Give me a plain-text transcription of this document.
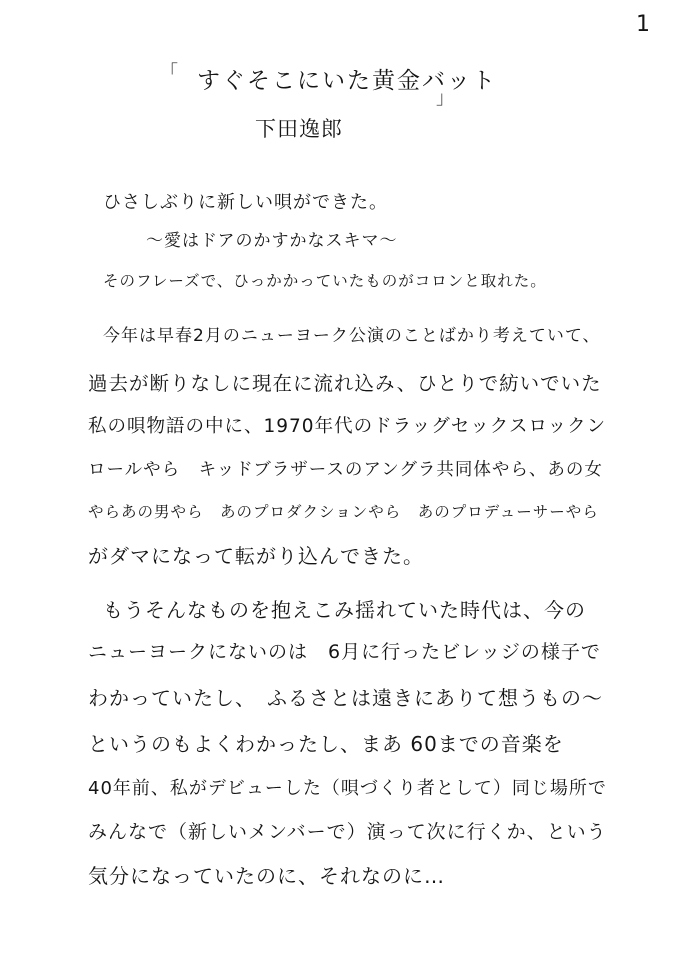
1
「 すぐそこにいた黄金バット
」
下田逸郎
ひさしぶりに新しい唄ができた。
〜愛はドアのかすかなスキマ〜
そのフレーズで、ひっかかっていたものがコロンと取れた。
今年は早春2月のニューヨーク公演のことばかり考えていて、
過去が断りなしに現在に流れ込み、ひとりで紡いでいた
私の唄物語の中に、1970年代のドラッグセックスロックン
ロールやら　キッドブラザースのアングラ共同体やら、あの女
やらあの男やら　あのプロダクションやら　あのプロデューサーやら
がダマになって転がり込んできた。
もうそんなものを抱えこみ揺れていた時代は、今の
ニューヨークにないのは　6月に行ったビレッジの様子で
わかっていたし、　ふるさとは遠きにありて想うもの〜
というのもよくわかったし、まあ 60までの音楽を
40年前、私がデビューした（唄づくり者として）同じ場所で
みんなで（新しいメンバーで）演って次に行くか、という
気分になっていたのに、それなのに…
